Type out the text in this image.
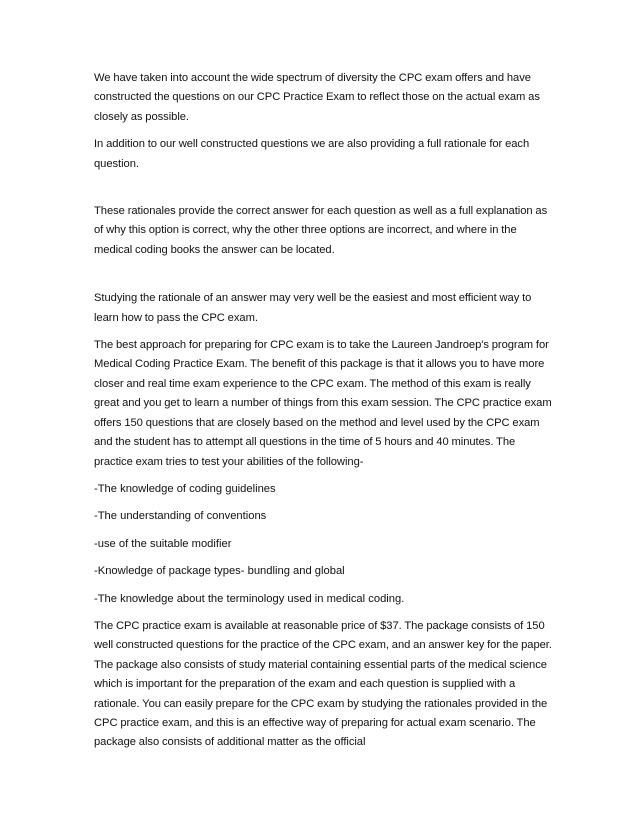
We have taken into account the wide spectrum of diversity the CPC exam offers and have constructed the questions on our CPC Practice Exam to reflect those on the actual exam as closely as possible.

In addition to our well constructed questions we are also providing a full rationale for each question.

These rationales provide the correct answer for each question as well as a full explanation as of why this option is correct, why the other three options are incorrect, and where in the medical coding books the answer can be located.

Studying the rationale of an answer may very well be the easiest and most efficient way to learn how to pass the CPC exam.

The best approach for preparing for CPC exam is to take the Laureen Jandroep's program for Medical Coding Practice Exam. The benefit of this package is that it allows you to have more closer and real time exam experience to the CPC exam. The method of this exam is really great and you get to learn a number of things from this exam session. The CPC practice exam offers 150 questions that are closely based on the method and level used by the CPC exam and the student has to attempt all questions in the time of 5 hours and 40 minutes. The practice exam tries to test your abilities of the following-

-The knowledge of coding guidelines

-The understanding of conventions

-use of the suitable modifier

-Knowledge of package types- bundling and global

-The knowledge about the terminology used in medical coding.

The CPC practice exam is available at reasonable price of $37. The package consists of 150 well constructed questions for the practice of the CPC exam, and an answer key for the paper. The package also consists of study material containing essential parts of the medical science which is important for the preparation of the exam and each question is supplied with a rationale. You can easily prepare for the CPC exam by studying the rationales provided in the CPC practice exam, and this is an effective way of preparing for actual exam scenario. The package also consists of additional matter as the official
